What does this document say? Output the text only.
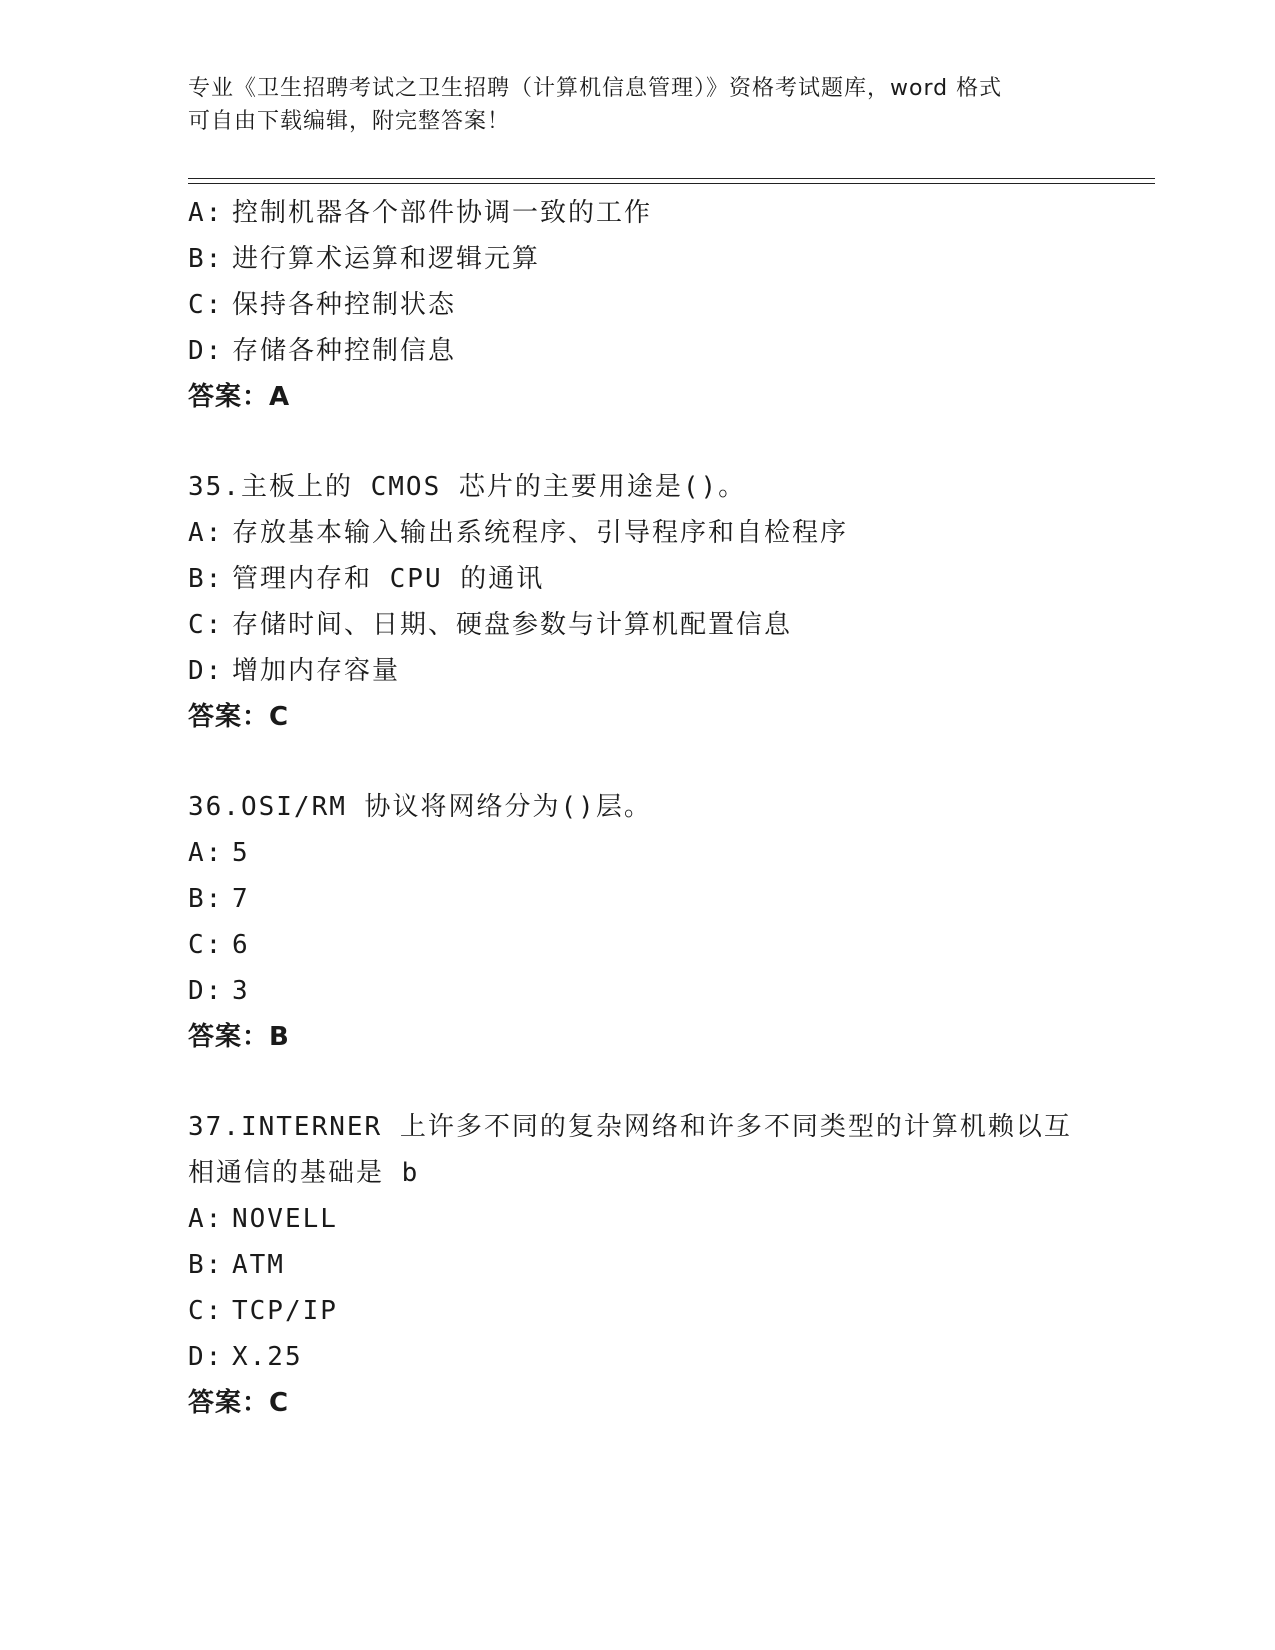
专业《卫生招聘考试之卫生招聘（计算机信息管理）》资格考试题库，word 格式
可自由下载编辑，附完整答案！
A: 控制机器各个部件协调一致的工作
B: 进行算术运算和逻辑元算
C: 保持各种控制状态
D: 存储各种控制信息
答案：A
35.主板上的 CMOS 芯片的主要用途是()。
A: 存放基本输入输出系统程序、引导程序和自检程序
B: 管理内存和 CPU 的通讯
C: 存储时间、日期、硬盘参数与计算机配置信息
D: 增加内存容量
答案：C
36.OSI/RM 协议将网络分为()层。
A: 5
B: 7
C: 6
D: 3
答案：B
37.INTERNER 上许多不同的复杂网络和许多不同类型的计算机赖以互相通信的基础是 b
A: NOVELL
B: ATM
C: TCP/IP
D: X.25
答案：C
